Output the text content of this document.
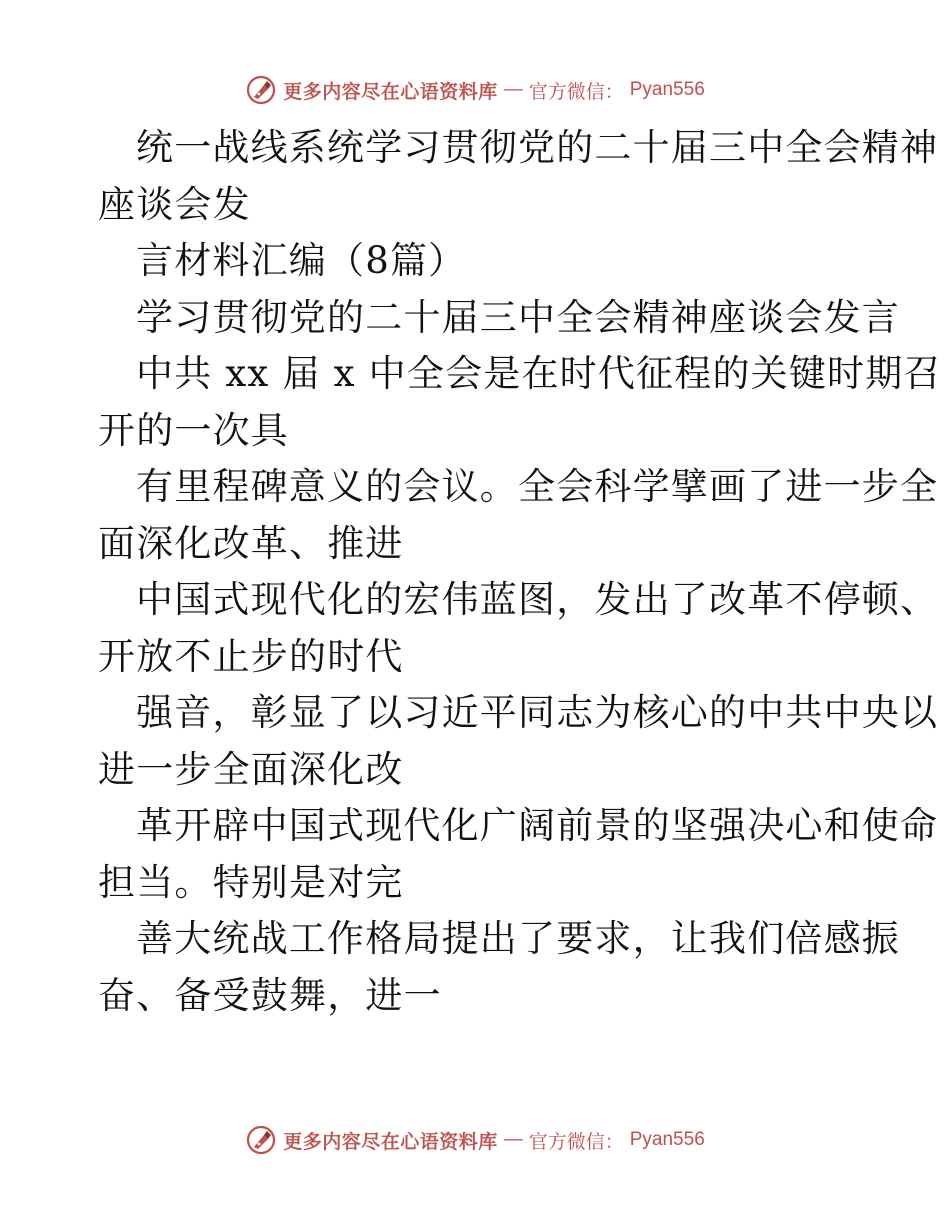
更多内容尽在心语资料库 — 官方微信： Pyan556
统一战线系统学习贯彻党的二十届三中全会精神
座谈会发
言材料汇编（8篇）
学习贯彻党的二十届三中全会精神座谈会发言
中共 xx 届 x 中全会是在时代征程的关键时期召
开的一次具
有里程碑意义的会议。全会科学擘画了进一步全
面深化改革、推进
中国式现代化的宏伟蓝图，发出了改革不停顿、
开放不止步的时代
强音，彰显了以习近平同志为核心的中共中央以
进一步全面深化改
革开辟中国式现代化广阔前景的坚强决心和使命
担当。特别是对完
善大统战工作格局提出了要求，让我们倍感振
奋、备受鼓舞，进一
更多内容尽在心语资料库 — 官方微信： Pyan556
